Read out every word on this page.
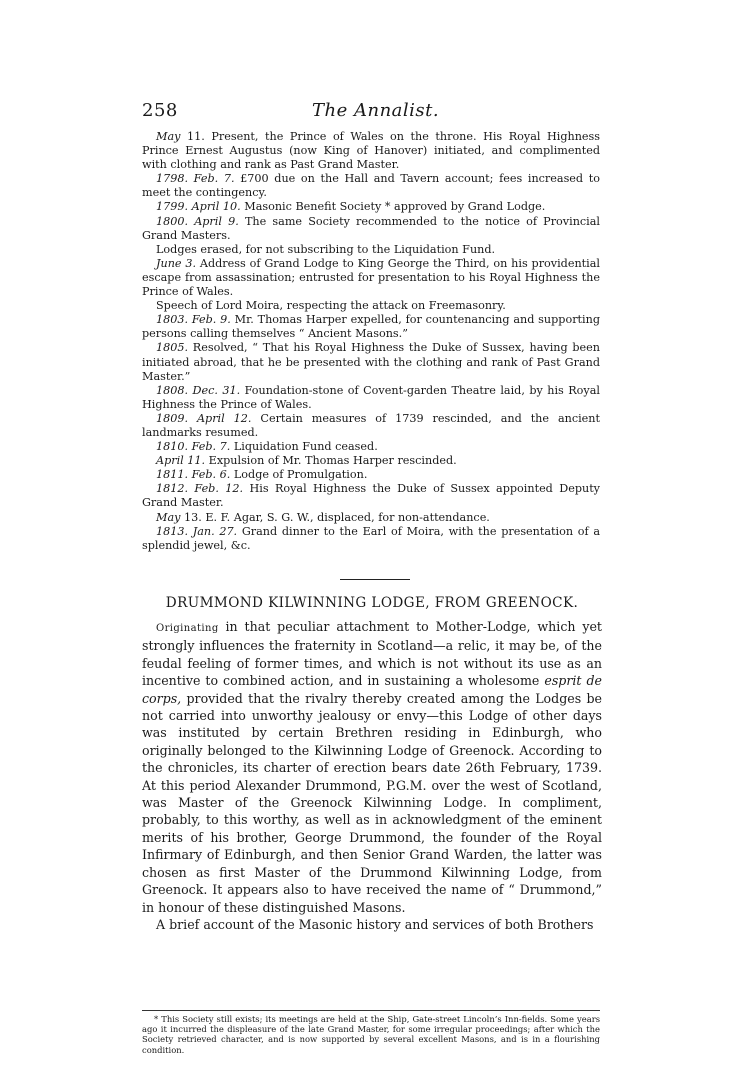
258	The Annalist.

May 11. Present, the Prince of Wales on the throne. His Royal Highness Prince Ernest Augustus (now King of Hanover) initiated, and complimented with clothing and rank as Past Grand Master.

1798. Feb. 7. £700 due on the Hall and Tavern account; fees increased to meet the contingency.

1799. April 10. Masonic Benefit Society * approved by Grand Lodge.

1800. April 9. The same Society recommended to the notice of Provincial Grand Masters.

Lodges erased, for not subscribing to the Liquidation Fund.

June 3. Address of Grand Lodge to King George the Third, on his providential escape from assassination; entrusted for presentation to his Royal Highness the Prince of Wales.

Speech of Lord Moira, respecting the attack on Freemasonry.

1803. Feb. 9. Mr. Thomas Harper expelled, for countenancing and supporting persons calling themselves “ Ancient Masons.”

1805. Resolved, “ That his Royal Highness the Duke of Sussex, having been initiated abroad, that he be presented with the clothing and rank of Past Grand Master.”

1808. Dec. 31. Foundation-stone of Covent-garden Theatre laid, by his Royal Highness the Prince of Wales.

1809. April 12. Certain measures of 1739 rescinded, and the ancient landmarks resumed.

1810. Feb. 7. Liquidation Fund ceased.

April 11. Expulsion of Mr. Thomas Harper rescinded.

1811. Feb. 6. Lodge of Promulgation.

1812. Feb. 12. His Royal Highness the Duke of Sussex appointed Deputy Grand Master.

May 13. E. F. Agar, S. G. W., displaced, for non-attendance.

1813. Jan. 27. Grand dinner to the Earl of Moira, with the presentation of a splendid jewel, &c.

DRUMMOND KILWINNING LODGE, FROM GREENOCK.

Originating in that peculiar attachment to Mother-Lodge, which yet strongly influences the fraternity in Scotland—a relic, it may be, of the feudal feeling of former times, and which is not without its use as an incentive to combined action, and in sustaining a wholesome esprit de corps, provided that the rivalry thereby created among the Lodges be not carried into unworthy jealousy or envy—this Lodge of other days was instituted by certain Brethren residing in Edinburgh, who originally belonged to the Kilwinning Lodge of Greenock. According to the chronicles, its charter of erection bears date 26th February, 1739. At this period Alexander Drummond, P.G.M. over the west of Scotland, was Master of the Greenock Kilwinning Lodge. In compliment, probably, to this worthy, as well as in acknowledgment of the eminent merits of his brother, George Drummond, the founder of the Royal Infirmary of Edinburgh, and then Senior Grand Warden, the latter was chosen as first Master of the Drummond Kilwinning Lodge, from Greenock. It appears also to have received the name of “ Drummond,” in honour of these distinguished Masons.

A brief account of the Masonic history and services of both Brothers

* This Society still exists; its meetings are held at the Ship, Gate-street Lincoln’s Inn-fields. Some years ago it incurred the displeasure of the late Grand Master, for some irregular proceedings; after which the Society retrieved character, and is now supported by several excellent Masons, and is in a flourishing condition.
